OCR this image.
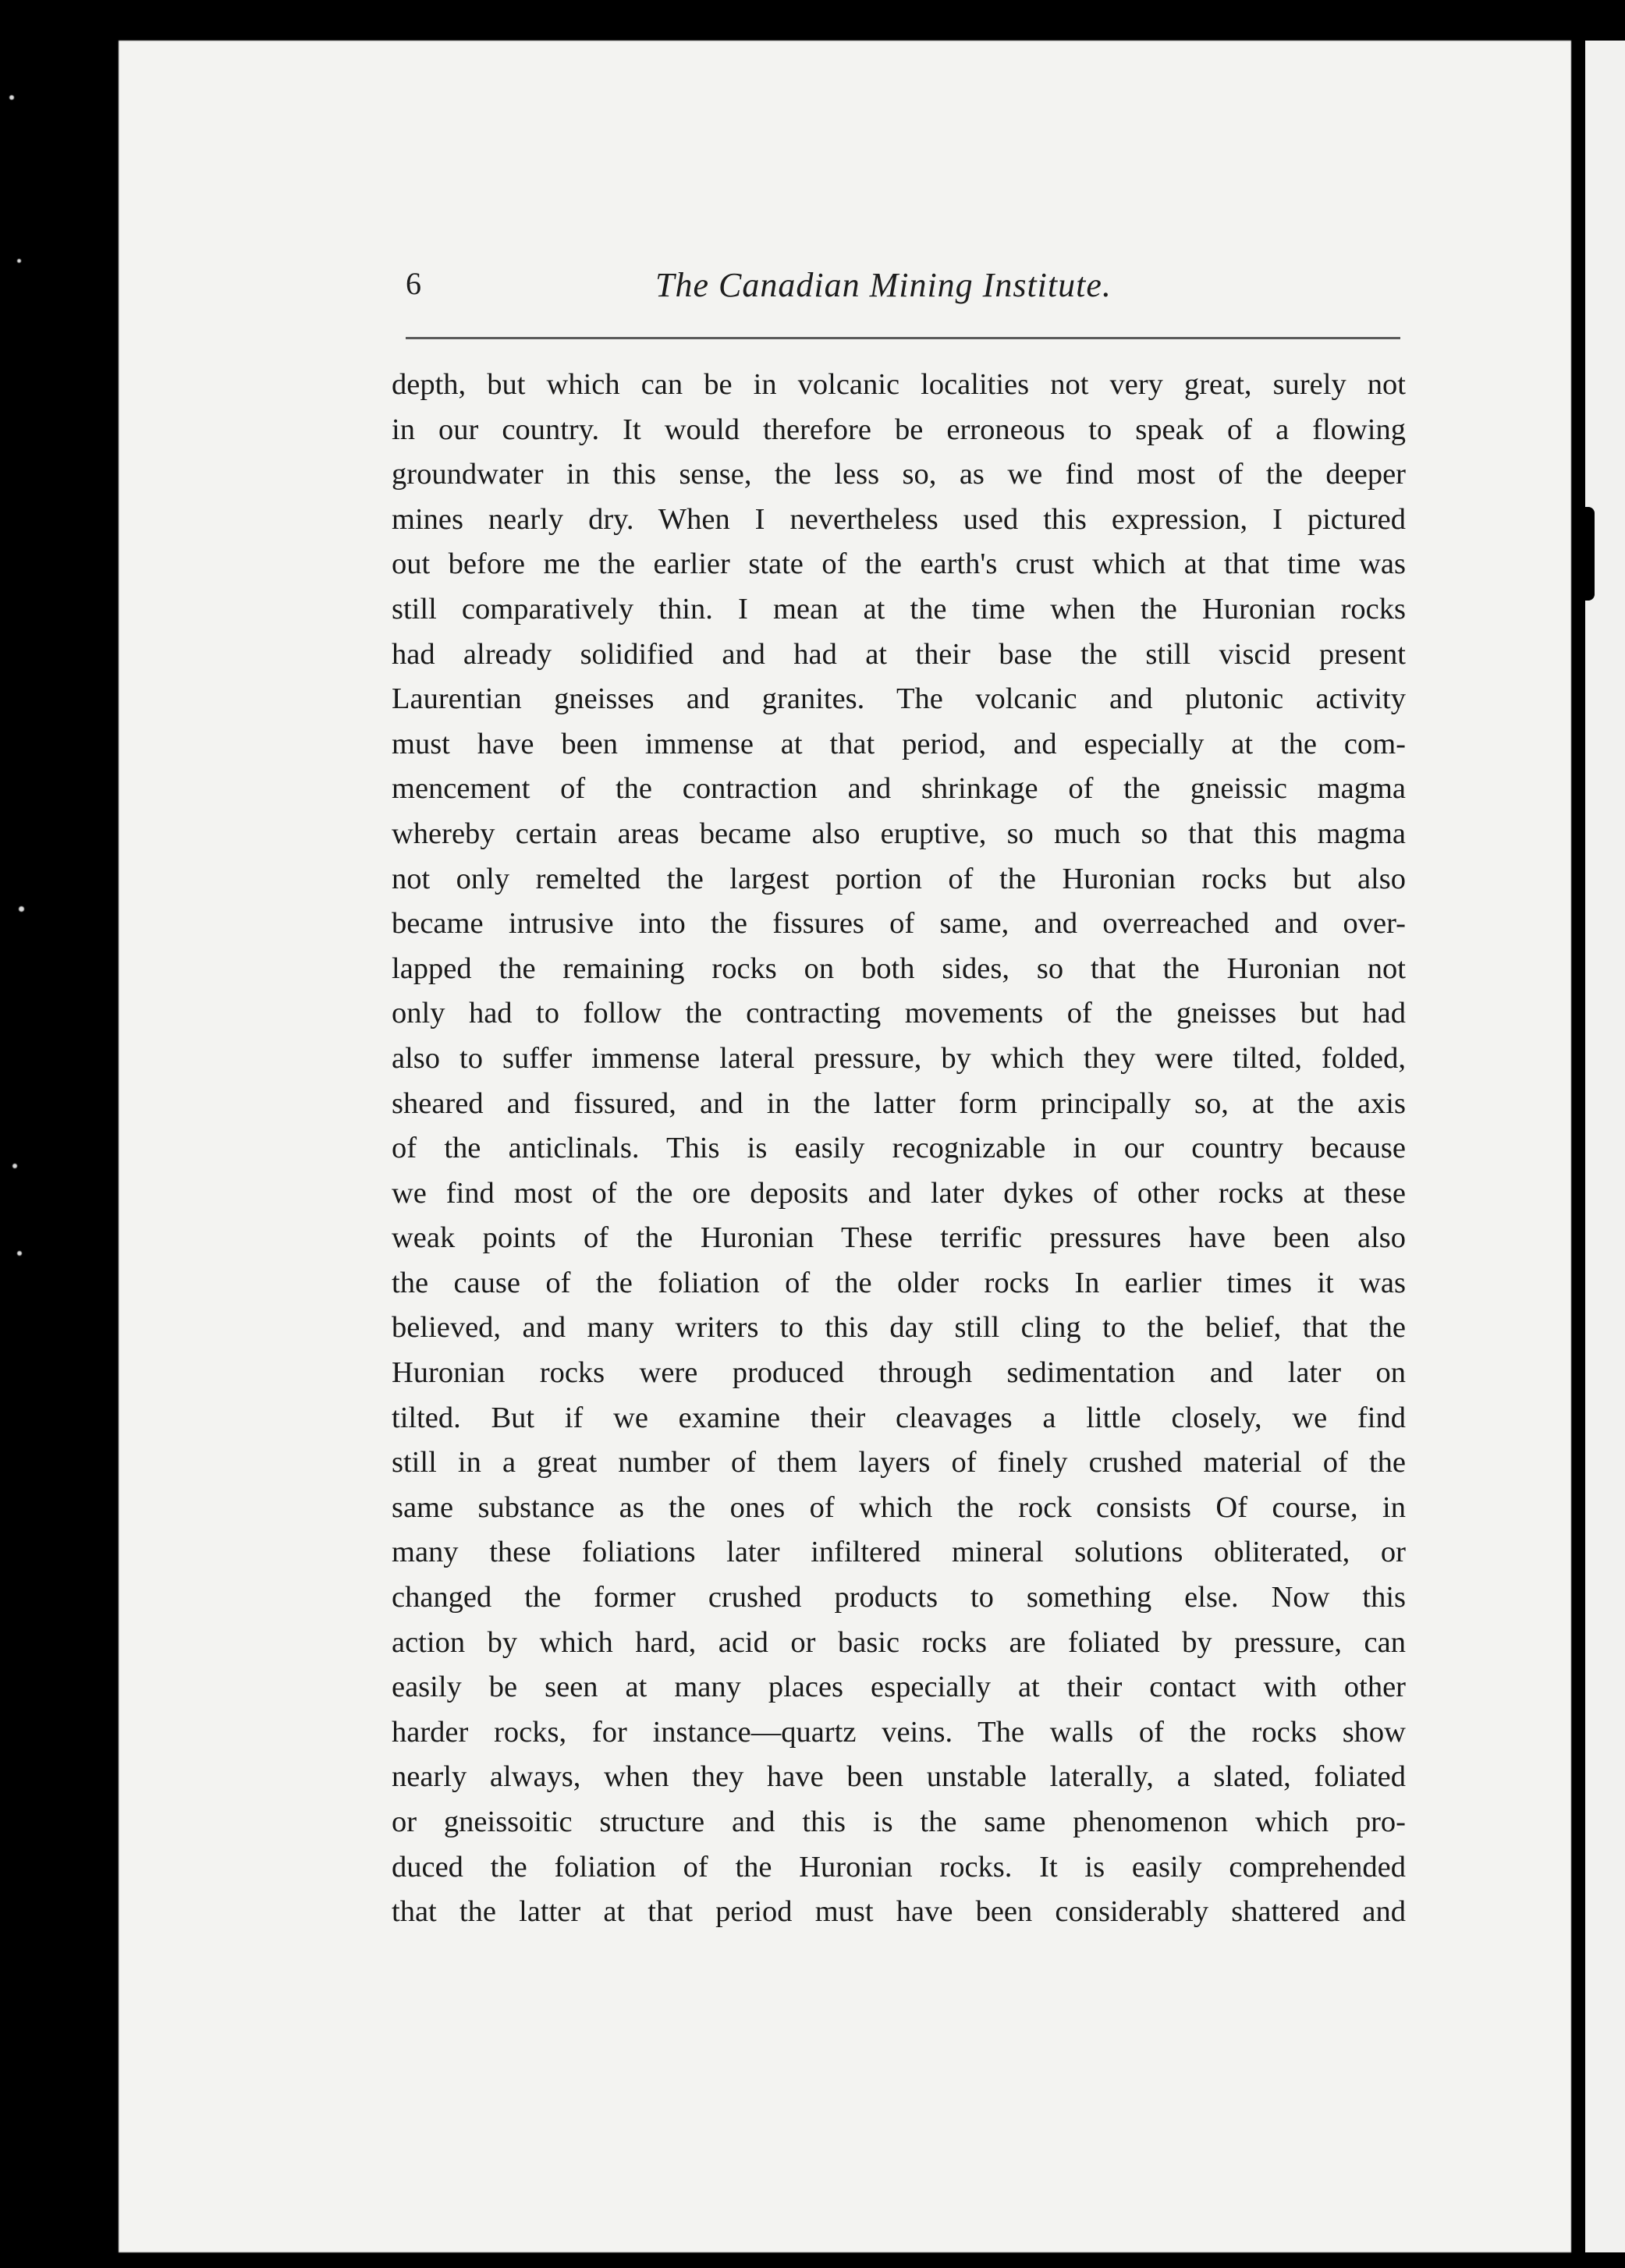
6	The Canadian Mining Institute.
depth, but which can be in volcanic localities not very great, surely not
in our country. It would therefore be erroneous to speak of a flowing
groundwater in this sense, the less so, as we find most of the deeper
mines nearly dry. When I nevertheless used this expression, I pictured
out before me the earlier state of the earth's crust which at that time was
still comparatively thin. I mean at the time when the Huronian rocks
had already solidified and had at their base the still viscid present
Laurentian gneisses and granites. The volcanic and plutonic activity
must have been immense at that period, and especially at the com-
mencement of the contraction and shrinkage of the gneissic magma
whereby certain areas became also eruptive, so much so that this magma
not only remelted the largest portion of the Huronian rocks but also
became intrusive into the fissures of same, and overreached and over-
lapped the remaining rocks on both sides, so that the Huronian not
only had to follow the contracting movements of the gneisses but had
also to suffer immense lateral pressure, by which they were tilted, folded,
sheared and fissured, and in the latter form principally so, at the axis
of the anticlinals. This is easily recognizable in our country because
we find most of the ore deposits and later dykes of other rocks at these
weak points of the Huronian These terrific pressures have been also
the cause of the foliation of the older rocks In earlier times it was
believed, and many writers to this day still cling to the belief, that the
Huronian rocks were produced through sedimentation and later on
tilted. But if we examine their cleavages a little closely, we find
still in a great number of them layers of finely crushed material of the
same substance as the ones of which the rock consists Of course, in
many these foliations later infiltered mineral solutions obliterated, or
changed the former crushed products to something else. Now this
action by which hard, acid or basic rocks are foliated by pressure, can
easily be seen at many places especially at their contact with other
harder rocks, for instance—quartz veins. The walls of the rocks show
nearly always, when they have been unstable laterally, a slated, foliated
or gneissoitic structure and this is the same phenomenon which pro-
duced the foliation of the Huronian rocks. It is easily comprehended
that the latter at that period must have been considerably shattered and
